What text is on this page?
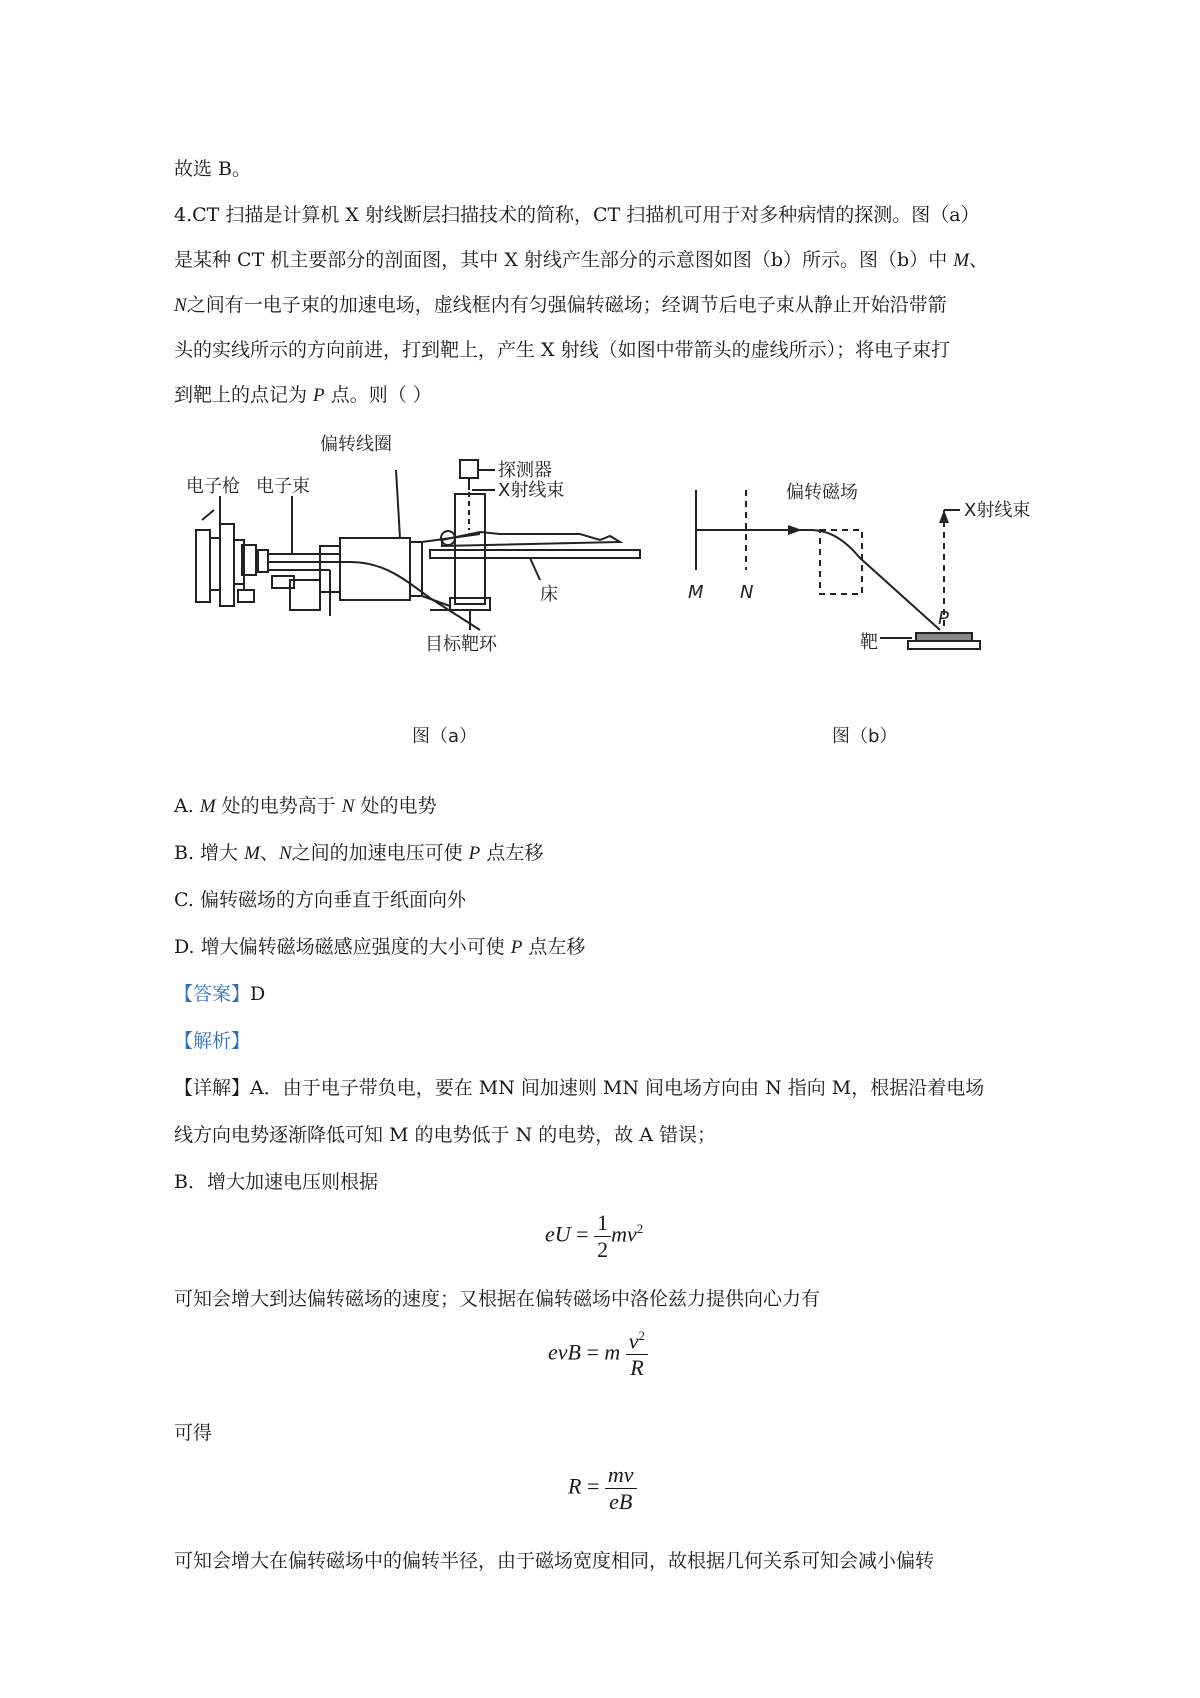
故选 B。
4.CT 扫描是计算机 X 射线断层扫描技术的简称，CT 扫描机可用于对多种病情的探测。图（a）
是某种 CT 机主要部分的剖面图，其中 X 射线产生部分的示意图如图（b）所示。图（b）中 M、
N之间有一电子束的加速电场，虚线框内有匀强偏转磁场；经调节后电子束从静止开始沿带箭
头的实线所示的方向前进，打到靶上，产生 X 射线（如图中带箭头的虚线所示）；将电子束打
到靶上的点记为 P 点。则（ ）
偏转线圈
探测器
电子枪 电子束	X射线束
床
目标靶环
图（a）
偏转磁场
X射线束
M N
P
靶
图（b）
A. M 处的电势高于 N 处的电势
B. 增大 M、N之间的加速电压可使 P 点左移
C. 偏转磁场的方向垂直于纸面向外
D. 增大偏转磁场磁感应强度的大小可使 P 点左移
【答案】D
【解析】
【详解】A．由于电子带负电，要在 MN 间加速则 MN 间电场方向由 N 指向 M，根据沿着电场
线方向电势逐渐降低可知 M 的电势低于 N 的电势，故 A 错误；
B．增大加速电压则根据
eU = $\frac{1}{2} mv^2$
可知会增大到达偏转磁场的速度；又根据在偏转磁场中洛伦兹力提供向心力有
evB = m $\frac{v^2}{R}$
可得
$R = \frac{mv}{eB}$
可知会增大在偏转磁场中的偏转半径，由于磁场宽度相同，故根据几何关系可知会减小偏转
